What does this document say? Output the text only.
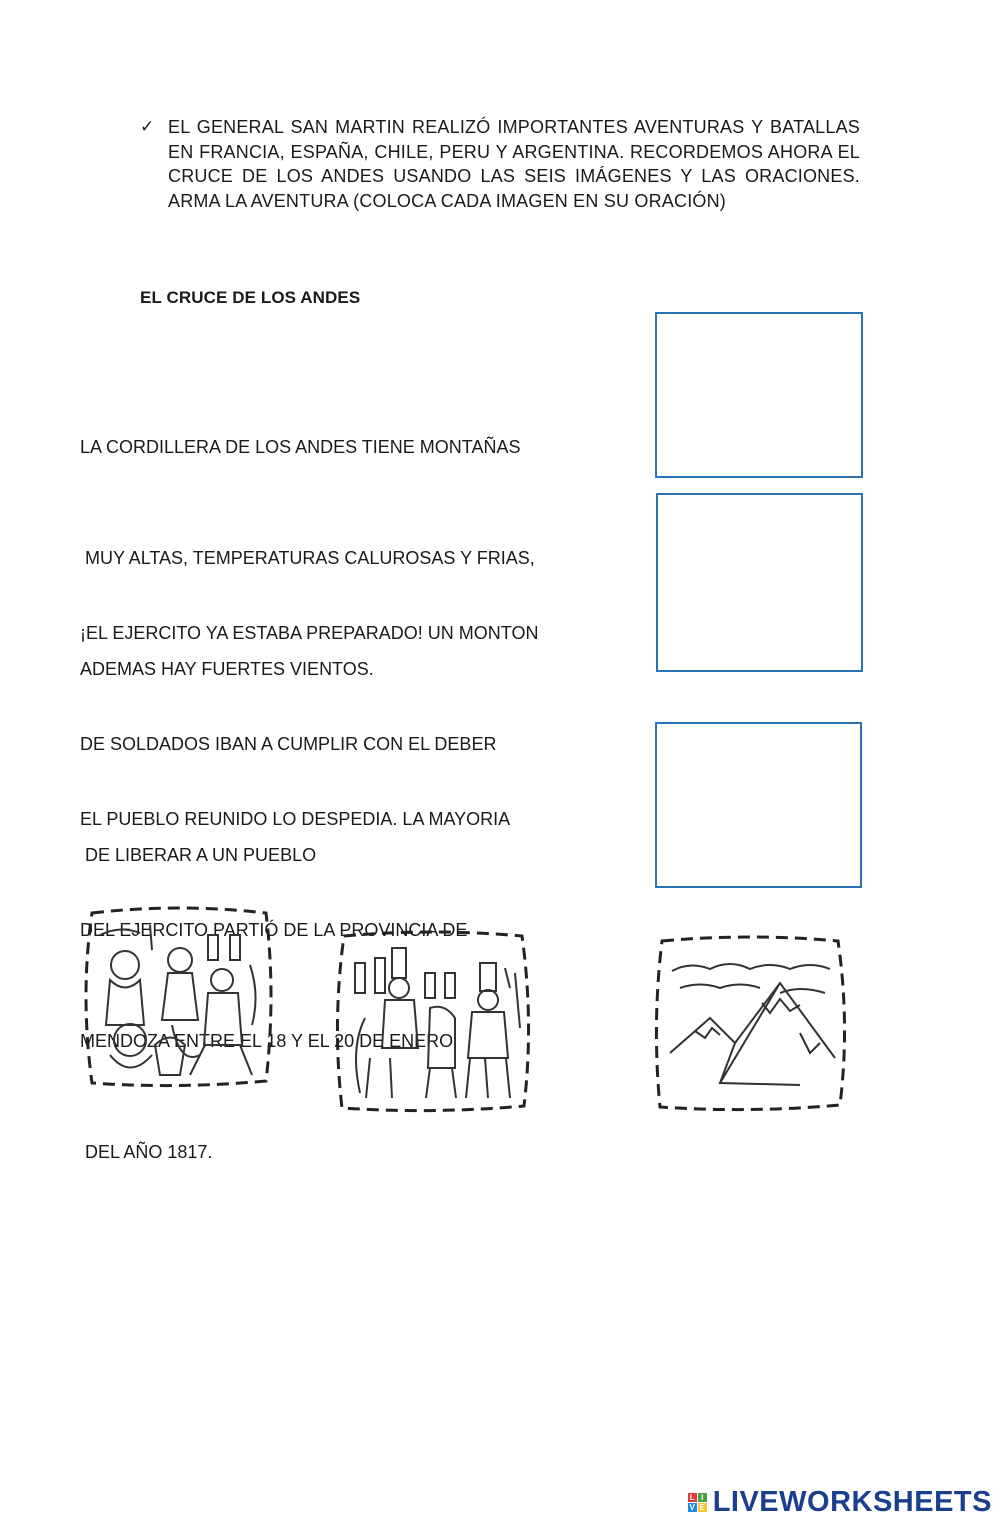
✓ EL GENERAL SAN MARTIN REALIZÓ IMPORTANTES AVENTURAS Y BATALLAS EN FRANCIA, ESPAÑA, CHILE, PERU Y ARGENTINA. RECORDEMOS AHORA EL CRUCE DE LOS ANDES USANDO LAS SEIS IMÁGENES Y LAS ORACIONES. ARMA LA AVENTURA (COLOCA CADA IMAGEN EN SU ORACIÓN)
EL CRUCE DE LOS ANDES

LA CORDILLERA DE LOS ANDES TIENE MONTAÑAS

MUY ALTAS, TEMPERATURAS CALUROSAS Y FRIAS,

ADEMAS HAY FUERTES VIENTOS.

¡EL EJERCITO YA ESTABA PREPARADO! UN MONTON

DE SOLDADOS IBAN A CUMPLIR CON EL DEBER

DE LIBERAR A UN PUEBLO

EL PUEBLO REUNIDO LO DESPEDIA. LA MAYORIA

DEL EJERCITO PARTIÓ DE LA PROVINCIA DE

MENDOZA ENTRE EL 18 Y EL 20 DE ENERO

DEL AÑO 1817.

L I
V E LIVEWORKSHEETS
